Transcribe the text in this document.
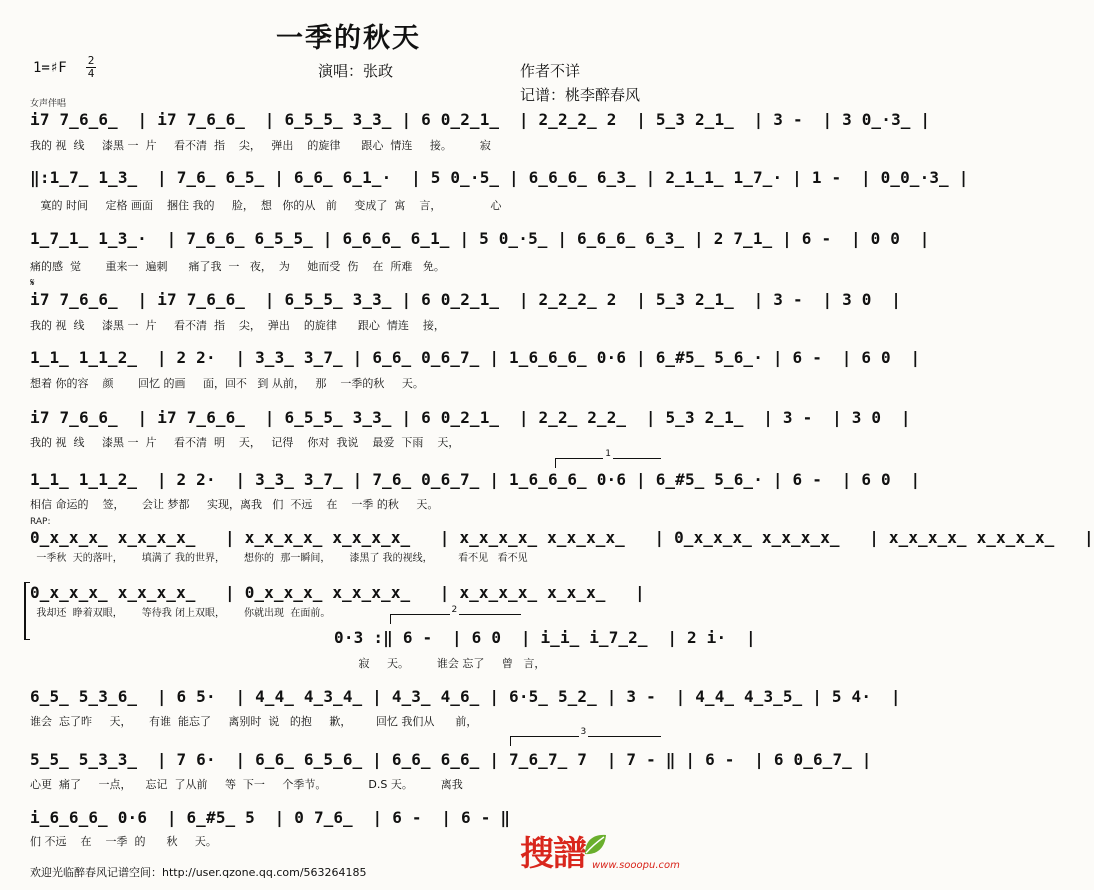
一季的秋天
1=♯F 2
4	演唱：张政	作者不详
记谱：桃李醉春风
女声伴唱
i7 7̲6̲6̲  | i7 7̲6̲6̲  | 6̲5̲5̲ 3̲3̲ | 6 0̲2̲1̲  | 2̲2̲2̲ 2  | 5̲3 2̲1̲  | 3 -  | 3 0̲·3̲ |
我的 视  线     漆黑 一  片     看不清  指    尖，   弹出    的旋律      跟心  情连     接。        寂
‖:1̲7̲ 1̲3̲  | 7̲6̲ 6̲5̲ | 6̲6̲ 6̲1̲·  | 5 0̲·5̲ | 6̲6̲6̲ 6̲3̲ | 2̲1̲1̲ 1̲7̲· | 1 -  | 0̲0̲·3̲ |
寞的 时间     定格 画面    捆住 我的     脸，  想   你的从   前     变成了  寓    言，              心
1̲7̲1̲ 1̲3̲·  | 7̲6̲6̲ 6̲5̲5̲ | 6̲6̲6̲ 6̲1̲ | 5 0̲·5̲ | 6̲6̲6̲ 6̲3̲ | 2 7̲1̲ | 6 -  | 0 0  |
痛的感  觉       重来一  遍刺      痛了我  一   夜，  为     她而受  伤    在  所难   免。
𝄋
i7 7̲6̲6̲  | i7 7̲6̲6̲  | 6̲5̲5̲ 3̲3̲ | 6 0̲2̲1̲  | 2̲2̲2̲ 2  | 5̲3 2̲1̲  | 3 -  | 3 0  |
我的 视  线     漆黑 一  片     看不清  指    尖，  弹出    的旋律      跟心  情连    接，
1̲1̲ 1̲1̲2̲  | 2 2·  | 3̲3̲ 3̲7̲ | 6̲6̲ 0̲6̲7̲ | 1̲6̲6̲6̲ 0·6 | 6̲#5̲ 5̲6̲· | 6 -  | 6 0  |
想着 你的容    颜       回忆 的画     面，回不   到 从前，   那    一季的秋     天。
i7 7̲6̲6̲  | i7 7̲6̲6̲  | 6̲5̲5̲ 3̲3̲ | 6 0̲2̲1̲  | 2̲2̲ 2̲2̲  | 5̲3 2̲1̲  | 3 -  | 3 0  |
我的 视  线     漆黑 一  片     看不清  明    天，   记得    你对  我说    最爱  下雨    天，
1
1̲1̲ 1̲1̲2̲  | 2 2·  | 3̲3̲ 3̲7̲ | 7̲6̲ 0̲6̲7̲ | 1̲6̲6̲6̲ 0·6 | 6̲#5̲ 5̲6̲· | 6 -  | 6 0  |
相信 命运的    签，     会让 梦都     实现，离我   们  不远    在    一季 的秋     天。
RAP:
0̲x̲x̲x̲ x̲x̲x̲x̲   | x̲x̲x̲x̲ x̲x̲x̲x̲   | x̲x̲x̲x̲ x̲x̲x̲x̲   | 0̲x̲x̲x̲ x̲x̲x̲x̲   | x̲x̲x̲x̲ x̲x̲x̲x̲   |
一季秋  天的落叶，      填满了 我的世界，      想你的  那一瞬间，      漆黑了 我的视线，        看不见   看不见
0̲x̲x̲x̲ x̲x̲x̲x̲   | 0̲x̲x̲x̲ x̲x̲x̲x̲   | x̲x̲x̲x̲ x̲x̲x̲   |
我却还  睁着双眼，      等待我 闭上双眼，      你就出现  在面前。	2
0·3 :‖ 6 -  | 6 0  | i̲i̲ i̲7̲2̲  | 2 i·  |
寂     天。        谁会 忘了     曾   言，
6̲5̲ 5̲3̲6̲  | 6 5·  | 4̲4̲ 4̲3̲4̲ | 4̲3̲ 4̲6̲ | 6·5̲ 5̲2̲ | 3 -  | 4̲4̲ 4̲3̲5̲ | 5 4·  |
谁会  忘了昨     天，     有谁  能忘了     离别时  说   的抱     歉，       回忆 我们从      前，
3
5̲5̲ 5̲3̲3̲  | 7 6·  | 6̲6̲ 6̲5̲6̲ | 6̲6̲ 6̲6̲ | 7̲6̲7̲ 7  | 7 - ‖ | 6 -  | 6 0̲6̲7̲ |
心更  痛了     一点，    忘记  了从前     等  下一     个季节。            D.S 天。        离我
i̲6̲6̲6̲ 0·6  | 6̲#5̲ 5  | 0 7̲6̲  | 6 -  | 6 - ‖
们 不远    在    一季  的      秋     天。	搜譜 www.sooopu.com
欢迎光临醉春风记谱空间：http://user.qzone.qq.com/563264185
